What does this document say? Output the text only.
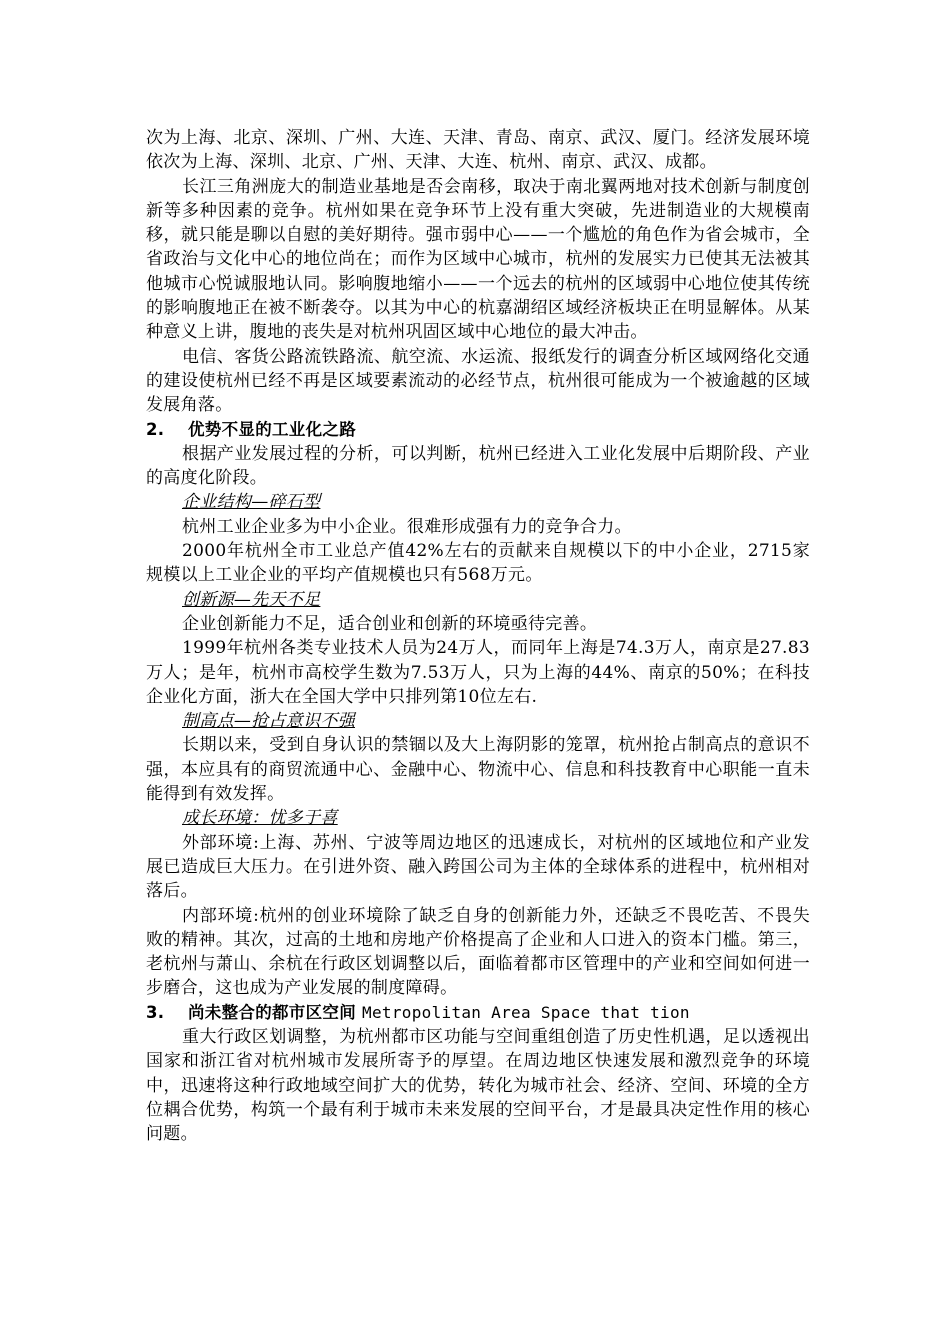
次为上海、北京、深圳、广州、大连、天津、青岛、南京、武汉、厦门。经济发展环境依次为上海、深圳、北京、广州、天津、大连、杭州、南京、武汉、成都。

长江三角洲庞大的制造业基地是否会南移，取决于南北翼两地对技术创新与制度创新等多种因素的竞争。杭州如果在竞争环节上没有重大突破，先进制造业的大规模南移，就只能是聊以自慰的美好期待。强市弱中心——一个尴尬的角色作为省会城市，全省政治与文化中心的地位尚在；而作为区域中心城市，杭州的发展实力已使其无法被其他城市心悦诚服地认同。影响腹地缩小——一个远去的杭州的区域弱中心地位使其传统的影响腹地正在被不断袭夺。以其为中心的杭嘉湖绍区域经济板块正在明显解体。从某种意义上讲，腹地的丧失是对杭州巩固区域中心地位的最大冲击。

电信、客货公路流铁路流、航空流、水运流、报纸发行的调查分析区域网络化交通的建设使杭州已经不再是区域要素流动的必经节点，杭州很可能成为一个被逾越的区域发展角落。

2. 优势不显的工业化之路

根据产业发展过程的分析，可以判断，杭州已经进入工业化发展中后期阶段、产业的高度化阶段。

企业结构—碎石型

杭州工业企业多为中小企业。很难形成强有力的竞争合力。

2000年杭州全市工业总产值42%左右的贡献来自规模以下的中小企业，2715家规模以上工业企业的平均产值规模也只有568万元。

创新源—先天不足

企业创新能力不足，适合创业和创新的环境亟待完善。

1999年杭州各类专业技术人员为24万人，而同年上海是74.3万人，南京是27.83万人；是年，杭州市高校学生数为7.53万人，只为上海的44%、南京的50%；在科技企业化方面，浙大在全国大学中只排列第10位左右.

制高点—抢占意识不强

长期以来，受到自身认识的禁锢以及大上海阴影的笼罩，杭州抢占制高点的意识不强，本应具有的商贸流通中心、金融中心、物流中心、信息和科技教育中心职能一直未能得到有效发挥。

成长环境：忧多于喜

外部环境:上海、苏州、宁波等周边地区的迅速成长，对杭州的区域地位和产业发展已造成巨大压力。在引进外资、融入跨国公司为主体的全球体系的进程中，杭州相对落后。

内部环境:杭州的创业环境除了缺乏自身的创新能力外，还缺乏不畏吃苦、不畏失败的精神。其次，过高的土地和房地产价格提高了企业和人口进入的资本门槛。第三，老杭州与萧山、余杭在行政区划调整以后，面临着都市区管理中的产业和空间如何进一步磨合，这也成为产业发展的制度障碍。

3. 尚未整合的都市区空间 Metropolitan Area Space that tion

重大行政区划调整，为杭州都市区功能与空间重组创造了历史性机遇，足以透视出国家和浙江省对杭州城市发展所寄予的厚望。在周边地区快速发展和激烈竞争的环境中，迅速将这种行政地域空间扩大的优势，转化为城市社会、经济、空间、环境的全方位耦合优势，构筑一个最有利于城市未来发展的空间平台，才是最具决定性作用的核心问题。
